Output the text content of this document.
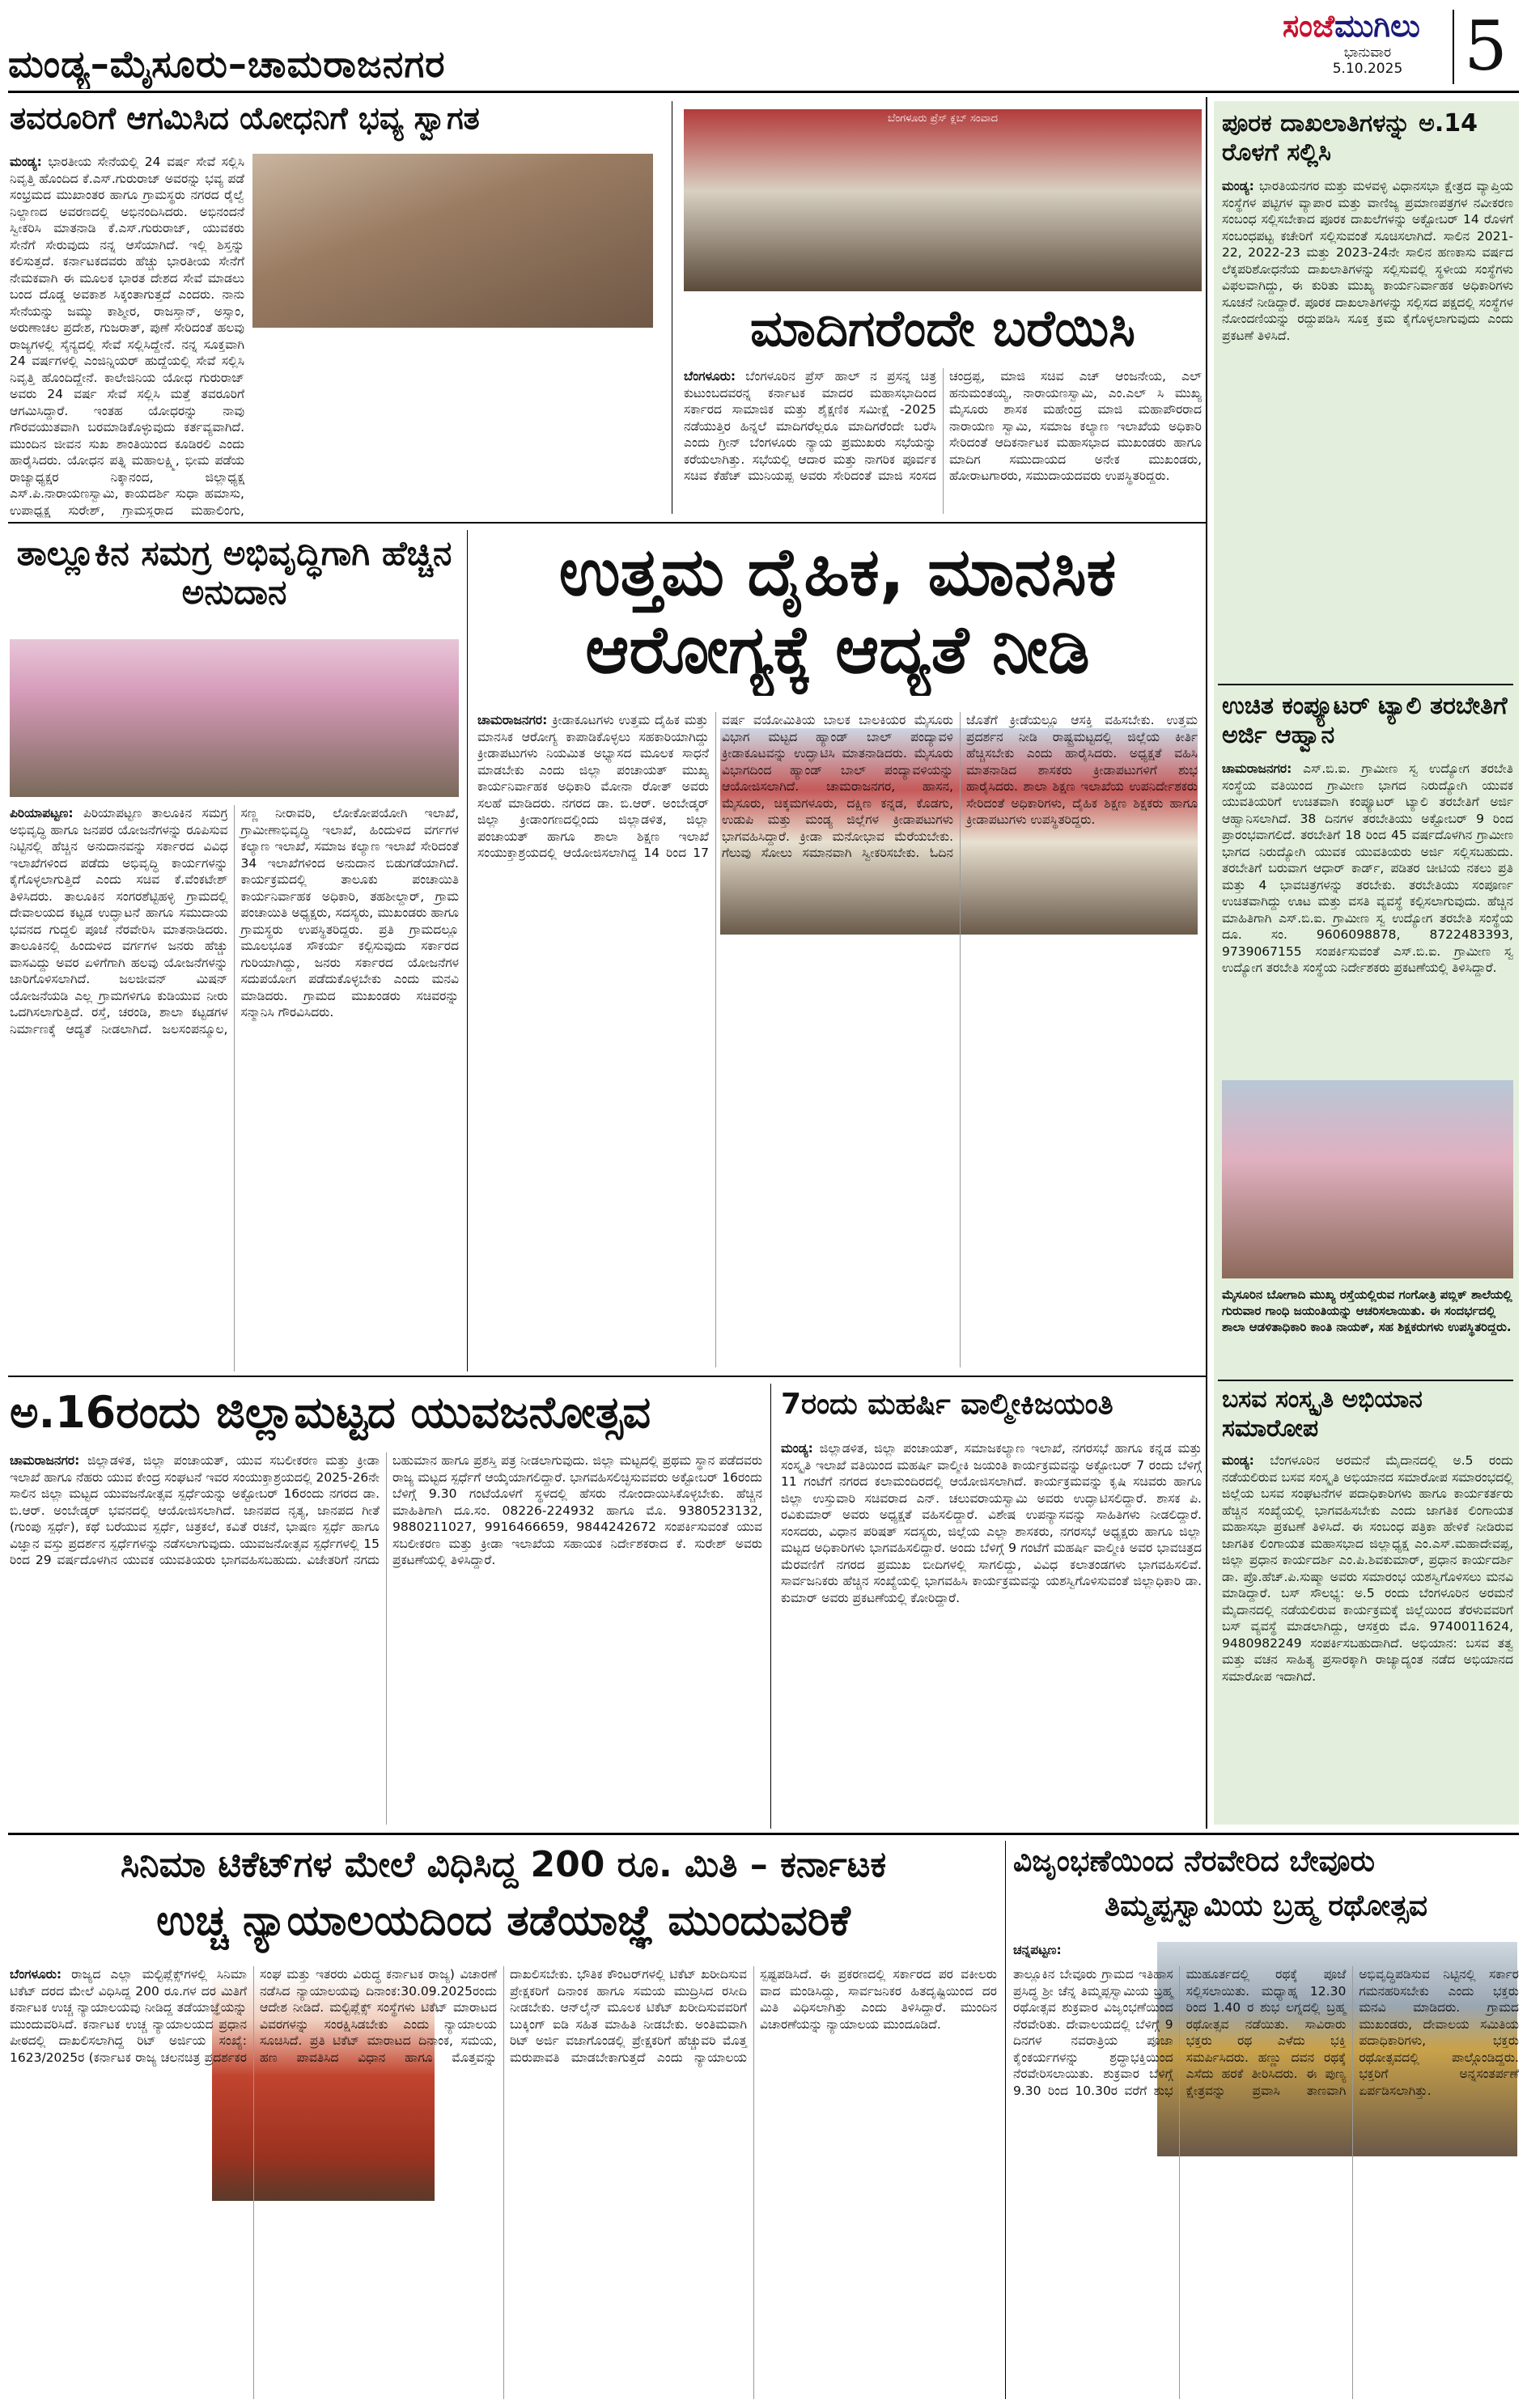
ಮಂಡ್ಯ–ಮೈಸೂರು–ಚಾಮರಾಜನಗರ
ಸಂಜೆಮುಗಿಲು
ಭಾನುವಾರ
5.10.2025 5
ತವರೂರಿಗೆ ಆಗಮಿಸಿದ ಯೋಧನಿಗೆ ಭವ್ಯ ಸ್ವಾಗತ
ಮಂಡ್ಯ: ಭಾರತೀಯ ಸೇನೆಯಲ್ಲಿ 24 ವರ್ಷ ಸೇವೆ ಸಲ್ಲಿಸಿ ನಿವೃತ್ತಿ ಹೊಂದಿದ ಕೆ.ಎಸ್.ಗುರುರಾಜ್ ಅವರನ್ನು ಭವ್ಯ ಪಡೆ ಸಂಭ್ರಮದ ಮುಖಾಂತರ ಹಾಗೂ ಗ್ರಾಮಸ್ಥರು ನಗರದ ರೈಲ್ವೆ ನಿಲ್ದಾಣದ ಅವರಣದಲ್ಲಿ ಅಭಿನಂದಿಸಿದರು. ಅಭಿನಂದನೆ ಸ್ವೀಕರಿಸಿ ಮಾತನಾಡಿ ಕೆ.ಎಸ್.ಗುರುರಾಜ್, ಯುವಕರು ಸೇನೆಗೆ ಸೇರುವುದು ನನ್ನ ಆಸೆಯಾಗಿದೆ. ಇಲ್ಲಿ ಶಿಸ್ತನ್ನು ಕಲಿಸುತ್ತದೆ. ಕರ್ನಾಟಕದವರು ಹೆಚ್ಚು ಭಾರತೀಯ ಸೇನೆಗೆ ನೇಮಕವಾಗಿ ಈ ಮೂಲಕ ಭಾರತ ದೇಶದ ಸೇವೆ ಮಾಡಲು ಬಂದ ದೊಡ್ಡ ಅವಕಾಶ ಸಿಕ್ಕಂತಾಗುತ್ತದೆ ಎಂದರು. ನಾನು ಸೇನೆಯನ್ನು ಜಮ್ಮು ಕಾಶ್ಮೀರ, ರಾಜಸ್ತಾನ್, ಅಸ್ಸಾಂ, ಅರುಣಾಚಲ ಪ್ರದೇಶ, ಗುಜರಾತ್, ಪುಣೆ ಸೇರಿದಂತೆ ಹಲವು ರಾಜ್ಯಗಳಲ್ಲಿ ಸೈನ್ಯದಲ್ಲಿ ಸೇವೆ ಸಲ್ಲಿಸಿದ್ದೇನೆ. ನನ್ನ ಸೂಕ್ತವಾಗಿ 24 ವರ್ಷಗಳಲ್ಲಿ ಎಂಜಿನ್ನಿಯರ್ ಹುದ್ದೆಯಲ್ಲಿ ಸೇವೆ ಸಲ್ಲಿಸಿ ನಿವೃತ್ತಿ ಹೊಂದಿದ್ದೇನೆ. ಕಾಲೇಜಿನಿಯ ಯೋಧ ಗುರುರಾಜ್ ಅವರು 24 ವರ್ಷ ಸೇವೆ ಸಲ್ಲಿಸಿ ಮತ್ತೆ ತವರೂರಿಗೆ ಆಗಮಿಸಿದ್ದಾರೆ. ಇಂತಹ ಯೋಧರನ್ನು ನಾವು ಗೌರವಯುತವಾಗಿ ಬರಮಾಡಿಕೊಳ್ಳುವುದು ಕರ್ತವ್ಯವಾಗಿದೆ. ಮುಂದಿನ ಜೀವನ ಸುಖ ಶಾಂತಿಯಿಂದ ಕೂಡಿರಲಿ ಎಂದು ಹಾರೈಸಿದರು. ಯೋಧನ ಪತ್ನಿ ಮಹಾಲಕ್ಷ್ಮಿ, ಭೀಮ ಪಡೆಯ ರಾಜ್ಯಾಧ್ಯಕ್ಷರ ನಿಕ್ಕಾನಂದ, ಜಿಲ್ಲಾಧ್ಯಕ್ಷ ಎಸ್.ಪಿ.ನಾರಾಯಣಸ್ವಾಮಿ, ಕಾಯದರ್ಶಿ ಸುಧಾ ಹಮಾಸು, ಉಪಾಧ್ಯಕ್ಷ ಸುರೇಶ್, ಗ್ರಾಮಸ್ಥರಾದ ಮಹಾಲಿಂಗು,
ಬೆಂಗಳೂರು ಪ್ರೆಸ್‌ ಕ್ಲಬ್ ಸಂವಾದ
ಮಾದಿಗರೆಂದೇ ಬರೆಯಿಸಿ
ಬೆಂಗಳೂರು: ಬೆಂಗಳೂರಿನ ಪ್ರೆಸ್‌ ಹಾಲ್‌ ನ ಪ್ರಸನ್ನ ಚಿತ್ರ ಕುಟುಂಬದವರನ್ನ ಕರ್ನಾಟಕ ಮಾದರ ಮಹಾಸಭಾದಿಂದ ಸರ್ಕಾರದ ಸಾಮಾಜಿಕ ಮತ್ತು ಶೈಕ್ಷಣಿಕ ಸಮೀಕ್ಷೆ -2025 ನಡೆಯುತ್ತಿರ ಹಿನ್ನಲೆ ಮಾದಿಗರೆಲ್ಲರೂ ಮಾದಿಗರೆಂದೇ ಬರೆಸಿ ಎಂದು ಗ್ರೀನ್ ಬೆಂಗಳೂರು ನ್ಯಾಯ ಪ್ರಮುಖರು ಸಭೆಯನ್ನು ಕರೆಯಲಾಗಿತ್ತು. ಸಭೆಯಲ್ಲಿ ಆದಾರ ಮತ್ತು ನಾಗರಿಕ ಪೂರ್ವಕ ಸಚಿವ ಕೆಹೆಚ್ ಮುನಿಯಪ್ಪ ಅವರು ಸೇರಿದಂತೆ ಮಾಜಿ ಸಂಸದ ಚಂದ್ರಪ್ಪ, ಮಾಜಿ ಸಚಿವ ಎಚ್ ಆಂಜನೇಯ, ಎಲ್ ಹನುಮಂತಯ್ಯ, ನಾರಾಯಣಸ್ವಾಮಿ, ಎಂ.ಎಲ್ ಸಿ ಮುಖ್ಯ ಮೈಸೂರು ಶಾಸಕ ಮಹೇಂದ್ರ ಮಾಜಿ ಮಹಾಪೌರರಾದ ನಾರಾಯಣ ಸ್ವಾಮಿ, ಸಮಾಜ ಕಲ್ಯಾಣ ಇಲಾಖೆಯ ಅಧಿಕಾರಿ ಸೇರಿದಂತೆ ಆದಿಕರ್ನಾಟಕ ಮಹಾಸಭಾದ ಮುಖಂಡರು ಹಾಗೂ ಮಾದಿಗ ಸಮುದಾಯದ ಅನೇಕ ಮುಖಂಡರು, ಹೋರಾಟಗಾರರು, ಸಮುದಾಯದವರು ಉಪಸ್ಥಿತರಿದ್ದರು.
ಪೂರಕ ದಾಖಲಾತಿಗಳನ್ನು ಅ.14 ರೊಳಗೆ ಸಲ್ಲಿಸಿ
ಮಂಡ್ಯ: ಭಾರತಿಯನಗರ ಮತ್ತು ಮಳವಳ್ಳಿ ವಿಧಾನಸಭಾ ಕ್ಷೇತ್ರದ ವ್ಯಾಪ್ತಿಯ ಸಂಸ್ಥೆಗಳ ಪಟ್ಟಿಗಳ ವ್ಯಾಪಾರ ಮತ್ತು ವಾಣಿಜ್ಯ ಪ್ರಮಾಣಪತ್ರಗಳ ನವೀಕರಣ ಸಂಬಂಧ ಸಲ್ಲಿಸಬೇಕಾದ ಪೂರಕ ದಾಖಲೆಗಳನ್ನು ಅಕ್ಟೋಬರ್ 14 ರೊಳಗೆ ಸಂಬಂಧಪಟ್ಟ ಕಚೇರಿಗೆ ಸಲ್ಲಿಸುವಂತೆ ಸೂಚಿಸಲಾಗಿದೆ. ಸಾಲಿನ 2021-22, 2022-23 ಮತ್ತು 2023-24ನೇ ಸಾಲಿನ ಹಣಕಾಸು ವರ್ಷದ ಲೆಕ್ಕಪರಿಶೋಧನೆಯ ದಾಖಲಾತಿಗಳನ್ನು ಸಲ್ಲಿಸುವಲ್ಲಿ ಸ್ಥಳೀಯ ಸಂಸ್ಥೆಗಳು ವಿಫಲವಾಗಿದ್ದು, ಈ ಕುರಿತು ಮುಖ್ಯ ಕಾರ್ಯನಿರ್ವಾಹಕ ಅಧಿಕಾರಿಗಳು ಸೂಚನೆ ನೀಡಿದ್ದಾರೆ. ಪೂರಕ ದಾಖಲಾತಿಗಳನ್ನು ಸಲ್ಲಿಸದ ಪಕ್ಷದಲ್ಲಿ ಸಂಸ್ಥೆಗಳ ನೋಂದಣಿಯನ್ನು ರದ್ದುಪಡಿಸಿ ಸೂಕ್ತ ಕ್ರಮ ಕೈಗೊಳ್ಳಲಾಗುವುದು ಎಂದು ಪ್ರಕಟಣೆ ತಿಳಿಸಿದೆ.
ಉಚಿತ ಕಂಪ್ಯೂಟರ್ ಟ್ಯಾಲಿ ತರಬೇತಿಗೆ ಅರ್ಜಿ ಆಹ್ವಾನ
ಚಾಮರಾಜನಗರ: ಎಸ್.ಬಿ.ಐ. ಗ್ರಾಮೀಣ ಸ್ವ ಉದ್ಯೋಗ ತರಬೇತಿ ಸಂಸ್ಥೆಯ ವತಿಯಿಂದ ಗ್ರಾಮೀಣ ಭಾಗದ ನಿರುದ್ಯೋಗಿ ಯುವಕ ಯುವತಿಯರಿಗೆ ಉಚಿತವಾಗಿ ಕಂಪ್ಯೂಟರ್ ಟ್ಯಾಲಿ ತರಬೇತಿಗೆ ಅರ್ಜಿ ಆಹ್ವಾನಿಸಲಾಗಿದೆ. 38 ದಿನಗಳ ತರಬೇತಿಯು ಅಕ್ಟೋಬರ್ 9 ರಿಂದ ಪ್ರಾರಂಭವಾಗಲಿದೆ. ತರಬೇತಿಗೆ 18 ರಿಂದ 45 ವರ್ಷದೊಳಗಿನ ಗ್ರಾಮೀಣ ಭಾಗದ ನಿರುದ್ಯೋಗಿ ಯುವಕ ಯುವತಿಯರು ಅರ್ಜಿ ಸಲ್ಲಿಸಬಹುದು. ತರಬೇತಿಗೆ ಬರುವಾಗ ಆಧಾರ್ ಕಾರ್ಡ್, ಪಡಿತರ ಚೀಟಿಯ ನಕಲು ಪ್ರತಿ ಮತ್ತು 4 ಭಾವಚಿತ್ರಗಳನ್ನು ತರಬೇಕು. ತರಬೇತಿಯು ಸಂಪೂರ್ಣ ಉಚಿತವಾಗಿದ್ದು ಊಟ ಮತ್ತು ವಸತಿ ವ್ಯವಸ್ಥೆ ಕಲ್ಪಿಸಲಾಗುವುದು. ಹೆಚ್ಚಿನ ಮಾಹಿತಿಗಾಗಿ ಎಸ್.ಬಿ.ಐ. ಗ್ರಾಮೀಣ ಸ್ವ ಉದ್ಯೋಗ ತರಬೇತಿ ಸಂಸ್ಥೆಯ ದೂ. ಸಂ. 9606098878, 8722483393, 9739067155 ಸಂಪರ್ಕಿಸುವಂತೆ ಎಸ್.ಬಿ.ಐ. ಗ್ರಾಮೀಣ ಸ್ವ ಉದ್ಯೋಗ ತರಬೇತಿ ಸಂಸ್ಥೆಯ ನಿರ್ದೇಶಕರು ಪ್ರಕಟಣೆಯಲ್ಲಿ ತಿಳಿಸಿದ್ದಾರೆ.
ಮೈಸೂರಿನ ಬೋಗಾದಿ ಮುಖ್ಯ ರಸ್ತೆಯಲ್ಲಿರುವ ಗಂಗೋತ್ರಿ ಪಬ್ಲಿಕ್ ಶಾಲೆಯಲ್ಲಿ ಗುರುವಾರ ಗಾಂಧಿ ಜಯಂತಿಯನ್ನು ಆಚರಿಸಲಾಯಿತು. ಈ ಸಂದರ್ಭದಲ್ಲಿ ಶಾಲಾ ಆಡಳಿತಾಧಿಕಾರಿ ಕಾಂತಿ ನಾಯಕ್, ಸಹ ಶಿಕ್ಷಕರುಗಳು ಉಪಸ್ಥಿತರಿದ್ದರು.
ಬಸವ ಸಂಸ್ಕೃತಿ ಅಭಿಯಾನ ಸಮಾರೋಪ
ಮಂಡ್ಯ: ಬೆಂಗಳೂರಿನ ಅರಮನೆ ಮೈದಾನದಲ್ಲಿ ಅ.5 ರಂದು ನಡೆಯಲಿರುವ ಬಸವ ಸಂಸ್ಕೃತಿ ಅಭಿಯಾನದ ಸಮಾರೋಪ ಸಮಾರಂಭದಲ್ಲಿ ಜಿಲ್ಲೆಯ ಬಸವ ಸಂಘಟನೆಗಳ ಪದಾಧಿಕಾರಿಗಳು ಹಾಗೂ ಕಾರ್ಯಕರ್ತರು ಹೆಚ್ಚಿನ ಸಂಖ್ಯೆಯಲ್ಲಿ ಭಾಗವಹಿಸಬೇಕು ಎಂದು ಜಾಗತಿಕ ಲಿಂಗಾಯತ ಮಹಾಸಭಾ ಪ್ರಕಟಣೆ ತಿಳಿಸಿದೆ. ಈ ಸಂಬಂಧ ಪತ್ರಿಕಾ ಹೇಳಿಕೆ ನೀಡಿರುವ ಜಾಗತಿಕ ಲಿಂಗಾಯತ ಮಹಾಸಭಾದ ಜಿಲ್ಲಾಧ್ಯಕ್ಷ ಎಂ.ಎಸ್.ಮಹಾದೇವಪ್ಪ, ಜಿಲ್ಲಾ ಪ್ರಧಾನ ಕಾರ್ಯದರ್ಶಿ ಎಂ.ಪಿ.ಶಿವಕುಮಾರ್, ಪ್ರಧಾನ ಕಾರ್ಯದರ್ಶಿ ಡಾ. ಪ್ರೊ.ಹೆಚ್.ಪಿ.ಸುಷ್ಮಾ ಅವರು ಸಮಾರಂಭ ಯಶಸ್ವಿಗೊಳಿಸಲು ಮನವಿ ಮಾಡಿದ್ದಾರೆ. ಬಸ್ ಸೌಲಭ್ಯ: ಅ.5 ರಂದು ಬೆಂಗಳೂರಿನ ಅರಮನೆ ಮೈದಾನದಲ್ಲಿ ನಡೆಯಲಿರುವ ಕಾರ್ಯಕ್ರಮಕ್ಕೆ ಜಿಲ್ಲೆಯಿಂದ ತೆರಳುವವರಿಗೆ ಬಸ್ ವ್ಯವಸ್ಥೆ ಮಾಡಲಾಗಿದ್ದು, ಆಸಕ್ತರು ಮೊ. 9740011624, 9480982249 ಸಂಪರ್ಕಿಸಬಹುದಾಗಿದೆ. ಅಭಿಯಾನ: ಬಸವ ತತ್ವ ಮತ್ತು ವಚನ ಸಾಹಿತ್ಯ ಪ್ರಸಾರಕ್ಕಾಗಿ ರಾಜ್ಯಾದ್ಯಂತ ನಡೆದ ಅಭಿಯಾನದ ಸಮಾರೋಪ ಇದಾಗಿದೆ.
ತಾಲ್ಲೂಕಿನ ಸಮಗ್ರ ಅಭಿವೃದ್ಧಿಗಾಗಿ ಹೆಚ್ಚಿನ ಅನುದಾನ
ಪಿರಿಯಾಪಟ್ಟಣ: ಪಿರಿಯಾಪಟ್ಟಣ ತಾಲೂಕಿನ ಸಮಗ್ರ ಅಭಿವೃದ್ಧಿ ಹಾಗೂ ಜನಪರ ಯೋಜನೆಗಳನ್ನು ರೂಪಿಸುವ ನಿಟ್ಟಿನಲ್ಲಿ ಹೆಚ್ಚಿನ ಅನುದಾನವನ್ನು ಸರ್ಕಾರದ ವಿವಿಧ ಇಲಾಖೆಗಳಿಂದ ಪಡೆದು ಅಭಿವೃದ್ಧಿ ಕಾರ್ಯಗಳನ್ನು ಕೈಗೊಳ್ಳಲಾಗುತ್ತಿದೆ ಎಂದು ಸಚಿವ ಕೆ.ವೆಂಕಟೇಶ್ ತಿಳಿಸಿದರು. ತಾಲೂಕಿನ ಸಂಗರಶೆಟ್ಟಿಹಳ್ಳಿ ಗ್ರಾಮದಲ್ಲಿ ದೇವಾಲಯದ ಕಟ್ಟಡ ಉದ್ಘಾಟನೆ ಹಾಗೂ ಸಮುದಾಯ ಭವನದ ಗುದ್ದಲಿ ಪೂಜೆ ನೆರವೇರಿಸಿ ಮಾತನಾಡಿದರು. ತಾಲೂಕಿನಲ್ಲಿ ಹಿಂದುಳಿದ ವರ್ಗಗಳ ಜನರು ಹೆಚ್ಚು ವಾಸವಿದ್ದು ಅವರ ಏಳಿಗೆಗಾಗಿ ಹಲವು ಯೋಜನೆಗಳನ್ನು ಜಾರಿಗೊಳಿಸಲಾಗಿದೆ. ಜಲಜೀವನ್ ಮಿಷನ್ ಯೋಜನೆಯಡಿ ಎಲ್ಲ ಗ್ರಾಮಗಳಿಗೂ ಕುಡಿಯುವ ನೀರು ಒದಗಿಸಲಾಗುತ್ತಿದೆ. ರಸ್ತೆ, ಚರಂಡಿ, ಶಾಲಾ ಕಟ್ಟಡಗಳ ನಿರ್ಮಾಣಕ್ಕೆ ಆದ್ಯತೆ ನೀಡಲಾಗಿದೆ. ಜಲಸಂಪನ್ಮೂಲ, ಸಣ್ಣ ನೀರಾವರಿ, ಲೋಕೋಪಯೋಗಿ ಇಲಾಖೆ, ಗ್ರಾಮೀಣಾಭಿವೃದ್ಧಿ ಇಲಾಖೆ, ಹಿಂದುಳಿದ ವರ್ಗಗಳ ಕಲ್ಯಾಣ ಇಲಾಖೆ, ಸಮಾಜ ಕಲ್ಯಾಣ ಇಲಾಖೆ ಸೇರಿದಂತೆ 34 ಇಲಾಖೆಗಳಿಂದ ಅನುದಾನ ಬಿಡುಗಡೆಯಾಗಿದೆ. ಕಾರ್ಯಕ್ರಮದಲ್ಲಿ ತಾಲೂಕು ಪಂಚಾಯಿತಿ ಕಾರ್ಯನಿರ್ವಾಹಕ ಅಧಿಕಾರಿ, ತಹಶೀಲ್ದಾರ್, ಗ್ರಾಮ ಪಂಚಾಯಿತಿ ಅಧ್ಯಕ್ಷರು, ಸದಸ್ಯರು, ಮುಖಂಡರು ಹಾಗೂ ಗ್ರಾಮಸ್ಥರು ಉಪಸ್ಥಿತರಿದ್ದರು. ಪ್ರತಿ ಗ್ರಾಮದಲ್ಲೂ ಮೂಲಭೂತ ಸೌಕರ್ಯ ಕಲ್ಪಿಸುವುದು ಸರ್ಕಾರದ ಗುರಿಯಾಗಿದ್ದು, ಜನರು ಸರ್ಕಾರದ ಯೋಜನೆಗಳ ಸದುಪಯೋಗ ಪಡೆದುಕೊಳ್ಳಬೇಕು ಎಂದು ಮನವಿ ಮಾಡಿದರು. ಗ್ರಾಮದ ಮುಖಂಡರು ಸಚಿವರನ್ನು ಸನ್ಮಾನಿಸಿ ಗೌರವಿಸಿದರು.
ಉತ್ತಮ ದೈಹಿಕ, ಮಾನಸಿಕ ಆರೋಗ್ಯಕ್ಕೆ ಆದ್ಯತೆ ನೀಡಿ
ಚಾಮರಾಜನಗರ: ಕ್ರೀಡಾಕೂಟಗಳು ಉತ್ತಮ ದೈಹಿಕ ಮತ್ತು ಮಾನಸಿಕ ಆರೋಗ್ಯ ಕಾಪಾಡಿಕೊಳ್ಳಲು ಸಹಕಾರಿಯಾಗಿದ್ದು ಕ್ರೀಡಾಪಟುಗಳು ನಿಯಮಿತ ಅಭ್ಯಾಸದ ಮೂಲಕ ಸಾಧನೆ ಮಾಡಬೇಕು ಎಂದು ಜಿಲ್ಲಾ ಪಂಚಾಯತ್ ಮುಖ್ಯ ಕಾರ್ಯನಿರ್ವಾಹಕ ಅಧಿಕಾರಿ ಮೋನಾ ರೋತ್ ಅವರು ಸಲಹೆ ಮಾಡಿದರು. ನಗರದ ಡಾ. ಬಿ.ಆರ್. ಅಂಬೇಡ್ಕರ್ ಜಿಲ್ಲಾ ಕ್ರೀಡಾಂಗಣದಲ್ಲಿಂದು ಜಿಲ್ಲಾಡಳಿತ, ಜಿಲ್ಲಾ ಪಂಚಾಯತ್ ಹಾಗೂ ಶಾಲಾ ಶಿಕ್ಷಣ ಇಲಾಖೆ ಸಂಯುಕ್ತಾಶ್ರಯದಲ್ಲಿ ಆಯೋಜಿಸಲಾಗಿದ್ದ 14 ರಿಂದ 17 ವರ್ಷ ವಯೋಮಿತಿಯ ಬಾಲಕ ಬಾಲಕಿಯರ ಮೈಸೂರು ವಿಭಾಗ ಮಟ್ಟದ ಹ್ಯಾಂಡ್ ಬಾಲ್ ಪಂದ್ಯಾವಳಿ ಕ್ರೀಡಾಕೂಟವನ್ನು ಉದ್ಘಾಟಿಸಿ ಮಾತನಾಡಿದರು. ಮೈಸೂರು ವಿಭಾಗದಿಂದ ಹ್ಯಾಂಡ್ ಬಾಲ್ ಪಂದ್ಯಾವಳಿಯನ್ನು ಆಯೋಜಿಸಲಾಗಿದೆ. ಚಾಮರಾಜನಗರ, ಹಾಸನ, ಮೈಸೂರು, ಚಿಕ್ಕಮಗಳೂರು, ದಕ್ಷಿಣ ಕನ್ನಡ, ಕೊಡಗು, ಉಡುಪಿ ಮತ್ತು ಮಂಡ್ಯ ಜಿಲ್ಲೆಗಳ ಕ್ರೀಡಾಪಟುಗಳು ಭಾಗವಹಿಸಿದ್ದಾರೆ. ಕ್ರೀಡಾ ಮನೋಭಾವ ಮೆರೆಯಬೇಕು. ಗೆಲುವು ಸೋಲು ಸಮಾನವಾಗಿ ಸ್ವೀಕರಿಸಬೇಕು. ಓದಿನ ಜೊತೆಗೆ ಕ್ರೀಡೆಯಲ್ಲೂ ಆಸಕ್ತಿ ವಹಿಸಬೇಕು. ಉತ್ತಮ ಪ್ರದರ್ಶನ ನೀಡಿ ರಾಷ್ಟ್ರಮಟ್ಟದಲ್ಲಿ ಜಿಲ್ಲೆಯ ಕೀರ್ತಿ ಹೆಚ್ಚಿಸಬೇಕು ಎಂದು ಹಾರೈಸಿದರು. ಅಧ್ಯಕ್ಷತೆ ವಹಿಸಿ ಮಾತನಾಡಿದ ಶಾಸಕರು ಕ್ರೀಡಾಪಟುಗಳಿಗೆ ಶುಭ ಹಾರೈಸಿದರು. ಶಾಲಾ ಶಿಕ್ಷಣ ಇಲಾಖೆಯ ಉಪನಿರ್ದೇಶಕರು ಸೇರಿದಂತೆ ಅಧಿಕಾರಿಗಳು, ದೈಹಿಕ ಶಿಕ್ಷಣ ಶಿಕ್ಷಕರು ಹಾಗೂ ಕ್ರೀಡಾಪಟುಗಳು ಉಪಸ್ಥಿತರಿದ್ದರು.
ಅ.16ರಂದು ಜಿಲ್ಲಾಮಟ್ಟದ ಯುವಜನೋತ್ಸವ
ಚಾಮರಾಜನಗರ: ಜಿಲ್ಲಾಡಳಿತ, ಜಿಲ್ಲಾ ಪಂಚಾಯತ್, ಯುವ ಸಬಲೀಕರಣ ಮತ್ತು ಕ್ರೀಡಾ ಇಲಾಖೆ ಹಾಗೂ ನೆಹರು ಯುವ ಕೇಂದ್ರ ಸಂಘಟನೆ ಇವರ ಸಂಯುಕ್ತಾಶ್ರಯದಲ್ಲಿ 2025-26ನೇ ಸಾಲಿನ ಜಿಲ್ಲಾ ಮಟ್ಟದ ಯುವಜನೋತ್ಸವ ಸ್ಪರ್ಧೆಯನ್ನು ಅಕ್ಟೋಬರ್ 16ರಂದು ನಗರದ ಡಾ. ಬಿ.ಆರ್. ಅಂಬೇಡ್ಕರ್ ಭವನದಲ್ಲಿ ಆಯೋಜಿಸಲಾಗಿದೆ. ಜಾನಪದ ನೃತ್ಯ, ಜಾನಪದ ಗೀತೆ (ಗುಂಪು ಸ್ಪರ್ಧೆ), ಕಥೆ ಬರೆಯುವ ಸ್ಪರ್ಧೆ, ಚಿತ್ರಕಲೆ, ಕವಿತೆ ರಚನೆ, ಭಾಷಣ ಸ್ಪರ್ಧೆ ಹಾಗೂ ವಿಜ್ಞಾನ ವಸ್ತು ಪ್ರದರ್ಶನ ಸ್ಪರ್ಧೆಗಳನ್ನು ನಡೆಸಲಾಗುವುದು. ಯುವಜನೋತ್ಸವ ಸ್ಪರ್ಧೆಗಳಲ್ಲಿ 15 ರಿಂದ 29 ವರ್ಷದೊಳಗಿನ ಯುವಕ ಯುವತಿಯರು ಭಾಗವಹಿಸಬಹುದು. ವಿಜೇತರಿಗೆ ನಗದು ಬಹುಮಾನ ಹಾಗೂ ಪ್ರಶಸ್ತಿ ಪತ್ರ ನೀಡಲಾಗುವುದು. ಜಿಲ್ಲಾ ಮಟ್ಟದಲ್ಲಿ ಪ್ರಥಮ ಸ್ಥಾನ ಪಡೆದವರು ರಾಜ್ಯ ಮಟ್ಟದ ಸ್ಪರ್ಧೆಗೆ ಆಯ್ಕೆಯಾಗಲಿದ್ದಾರೆ. ಭಾಗವಹಿಸಲಿಚ್ಛಿಸುವವರು ಅಕ್ಟೋಬರ್ 16ರಂದು ಬೆಳಿಗ್ಗೆ 9.30 ಗಂಟೆಯೊಳಗೆ ಸ್ಥಳದಲ್ಲಿ ಹೆಸರು ನೋಂದಾಯಿಸಿಕೊಳ್ಳಬೇಕು. ಹೆಚ್ಚಿನ ಮಾಹಿತಿಗಾಗಿ ದೂ.ಸಂ. 08226-224932 ಹಾಗೂ ಮೊ. 9380523132, 9880211027, 9916466659, 9844242672 ಸಂಪರ್ಕಿಸುವಂತೆ ಯುವ ಸಬಲೀಕರಣ ಮತ್ತು ಕ್ರೀಡಾ ಇಲಾಖೆಯ ಸಹಾಯಕ ನಿರ್ದೇಶಕರಾದ ಕೆ. ಸುರೇಶ್ ಅವರು ಪ್ರಕಟಣೆಯಲ್ಲಿ ತಿಳಿಸಿದ್ದಾರೆ.
7ರಂದು ಮಹರ್ಷಿ ವಾಲ್ಮೀಕಿಜಯಂತಿ
ಮಂಡ್ಯ: ಜಿಲ್ಲಾಡಳಿತ, ಜಿಲ್ಲಾ ಪಂಚಾಯತ್, ಸಮಾಜಕಲ್ಯಾಣ ಇಲಾಖೆ, ನಗರಸಭೆ ಹಾಗೂ ಕನ್ನಡ ಮತ್ತು ಸಂಸ್ಕೃತಿ ಇಲಾಖೆ ವತಿಯಿಂದ ಮಹರ್ಷಿ ವಾಲ್ಮೀಕಿ ಜಯಂತಿ ಕಾರ್ಯಕ್ರಮವನ್ನು ಅಕ್ಟೋಬರ್ 7 ರಂದು ಬೆಳಿಗ್ಗೆ 11 ಗಂಟೆಗೆ ನಗರದ ಕಲಾಮಂದಿರದಲ್ಲಿ ಆಯೋಜಿಸಲಾಗಿದೆ. ಕಾರ್ಯಕ್ರಮವನ್ನು ಕೃಷಿ ಸಚಿವರು ಹಾಗೂ ಜಿಲ್ಲಾ ಉಸ್ತುವಾರಿ ಸಚಿವರಾದ ಎನ್. ಚಲುವರಾಯಸ್ವಾಮಿ ಅವರು ಉದ್ಘಾಟಿಸಲಿದ್ದಾರೆ. ಶಾಸಕ ಪಿ. ರವಿಕುಮಾರ್ ಅವರು ಅಧ್ಯಕ್ಷತೆ ವಹಿಸಲಿದ್ದಾರೆ. ವಿಶೇಷ ಉಪನ್ಯಾಸವನ್ನು ಸಾಹಿತಿಗಳು ನೀಡಲಿದ್ದಾರೆ. ಸಂಸದರು, ವಿಧಾನ ಪರಿಷತ್ ಸದಸ್ಯರು, ಜಿಲ್ಲೆಯ ಎಲ್ಲಾ ಶಾಸಕರು, ನಗರಸಭೆ ಅಧ್ಯಕ್ಷರು ಹಾಗೂ ಜಿಲ್ಲಾ ಮಟ್ಟದ ಅಧಿಕಾರಿಗಳು ಭಾಗವಹಿಸಲಿದ್ದಾರೆ. ಅಂದು ಬೆಳಿಗ್ಗೆ 9 ಗಂಟೆಗೆ ಮಹರ್ಷಿ ವಾಲ್ಮೀಕಿ ಅವರ ಭಾವಚಿತ್ರದ ಮೆರವಣಿಗೆ ನಗರದ ಪ್ರಮುಖ ಬೀದಿಗಳಲ್ಲಿ ಸಾಗಲಿದ್ದು, ವಿವಿಧ ಕಲಾತಂಡಗಳು ಭಾಗವಹಿಸಲಿವೆ. ಸಾರ್ವಜನಿಕರು ಹೆಚ್ಚಿನ ಸಂಖ್ಯೆಯಲ್ಲಿ ಭಾಗವಹಿಸಿ ಕಾರ್ಯಕ್ರಮವನ್ನು ಯಶಸ್ವಿಗೊಳಿಸುವಂತೆ ಜಿಲ್ಲಾಧಿಕಾರಿ ಡಾ. ಕುಮಾರ್ ಅವರು ಪ್ರಕಟಣೆಯಲ್ಲಿ ಕೋರಿದ್ದಾರೆ.
ಸಿನಿಮಾ ಟಿಕೆಟ್‌ಗಳ ಮೇಲೆ ವಿಧಿಸಿದ್ದ 200 ರೂ. ಮಿತಿ – ಕರ್ನಾಟಕ
ಉಚ್ಚ ನ್ಯಾಯಾಲಯದಿಂದ ತಡೆಯಾಜ್ಞೆ ಮುಂದುವರಿಕೆ
ಬೆಂಗಳೂರು: ರಾಜ್ಯದ ಎಲ್ಲಾ ಮಲ್ಟಿಪ್ಲೆಕ್ಸ್‌ಗಳಲ್ಲಿ ಸಿನಿಮಾ ಟಿಕೆಟ್ ದರದ ಮೇಲೆ ವಿಧಿಸಿದ್ದ 200 ರೂ.ಗಳ ದರ ಮಿತಿಗೆ ಕರ್ನಾಟಕ ಉಚ್ಚ ನ್ಯಾಯಾಲಯವು ನೀಡಿದ್ದ ತಡೆಯಾಜ್ಞೆಯನ್ನು ಮುಂದುವರಿಸಿದೆ. ಕರ್ನಾಟಕ ಉಚ್ಚ ನ್ಯಾಯಾಲಯದ ಪ್ರಧಾನ ಪೀಠದಲ್ಲಿ ದಾಖಲಿಸಲಾಗಿದ್ದ ರಿಟ್ ಅರ್ಜಿಯ ಸಂಖ್ಯೆ: 1623/2025ರ (ಕರ್ನಾಟಕ ರಾಜ್ಯ ಚಲನಚಿತ್ರ ಪ್ರದರ್ಶಕರ ಸಂಘ ಮತ್ತು ಇತರರು ವಿರುದ್ಧ ಕರ್ನಾಟಕ ರಾಜ್ಯ) ವಿಚಾರಣೆ ನಡೆಸಿದ ನ್ಯಾಯಾಲಯವು ದಿನಾಂಕ:30.09.2025ರಂದು ಆದೇಶ ನೀಡಿದೆ. ಮಲ್ಟಿಪ್ಲೆಕ್ಸ್ ಸಂಸ್ಥೆಗಳು ಟಿಕೆಟ್ ಮಾರಾಟದ ವಿವರಗಳನ್ನು ಸಂರಕ್ಷಿಸಿಡಬೇಕು ಎಂದು ನ್ಯಾಯಾಲಯ ಸೂಚಿಸಿದೆ. ಪ್ರತಿ ಟಿಕೆಟ್ ಮಾರಾಟದ ದಿನಾಂಕ, ಸಮಯ, ಹಣ ಪಾವತಿಸಿದ ವಿಧಾನ ಹಾಗೂ ಮೊತ್ತವನ್ನು ದಾಖಲಿಸಬೇಕು. ಭೌತಿಕ ಕೌಂಟರ್‌ಗಳಲ್ಲಿ ಟಿಕೆಟ್ ಖರೀದಿಸುವ ಪ್ರೇಕ್ಷಕರಿಗೆ ದಿನಾಂಕ ಹಾಗೂ ಸಮಯ ಮುದ್ರಿಸಿದ ರಸೀದಿ ನೀಡಬೇಕು. ಆನ್‌ಲೈನ್ ಮೂಲಕ ಟಿಕೆಟ್ ಖರೀದಿಸುವವರಿಗೆ ಬುಕ್ಕಿಂಗ್ ಐಡಿ ಸಹಿತ ಮಾಹಿತಿ ನೀಡಬೇಕು. ಅಂತಿಮವಾಗಿ ರಿಟ್ ಅರ್ಜಿ ವಜಾಗೊಂಡಲ್ಲಿ ಪ್ರೇಕ್ಷಕರಿಗೆ ಹೆಚ್ಚುವರಿ ಮೊತ್ತ ಮರುಪಾವತಿ ಮಾಡಬೇಕಾಗುತ್ತದೆ ಎಂದು ನ್ಯಾಯಾಲಯ ಸ್ಪಷ್ಟಪಡಿಸಿದೆ. ಈ ಪ್ರಕರಣದಲ್ಲಿ ಸರ್ಕಾರದ ಪರ ವಕೀಲರು ವಾದ ಮಂಡಿಸಿದ್ದು, ಸಾರ್ವಜನಿಕರ ಹಿತದೃಷ್ಟಿಯಿಂದ ದರ ಮಿತಿ ವಿಧಿಸಲಾಗಿತ್ತು ಎಂದು ತಿಳಿಸಿದ್ದಾರೆ. ಮುಂದಿನ ವಿಚಾರಣೆಯನ್ನು ನ್ಯಾಯಾಲಯ ಮುಂದೂಡಿದೆ.
ವಿಜೃಂಭಣೆಯಿಂದ ನೆರವೇರಿದ ಬೇವೂರು
ತಿಮ್ಮಪ್ಪಸ್ವಾಮಿಯ ಬ್ರಹ್ಮ ರಥೋತ್ಸವ
ಚನ್ನಪಟ್ಟಣ:
ತಾಲ್ಲೂಕಿನ ಬೇವೂರು ಗ್ರಾಮದ ಇತಿಹಾಸ ಪ್ರಸಿದ್ಧ ಶ್ರೀ ಚೆನ್ನ ತಿಮ್ಮಪ್ಪಸ್ವಾಮಿಯ ಬ್ರಹ್ಮ ರಥೋತ್ಸವ ಶುಕ್ರವಾರ ವಿಜೃಂಭಣೆಯಿಂದ ನೆರವೇರಿತು. ದೇವಾಲಯದಲ್ಲಿ ಬೆಳಿಗ್ಗೆ 9 ದಿನಗಳ ನವರಾತ್ರಿಯ ಪೂಜಾ ಕೈಂಕರ್ಯಗಳನ್ನು ಶ್ರದ್ಧಾಭಕ್ತಿಯಿಂದ ನೆರವೇರಿಸಲಾಯಿತು. ಶುಕ್ರವಾರ ಬೆಳಿಗ್ಗೆ 9.30 ರಿಂದ 10.30ರ ವರೆಗೆ ಶುಭ ಮುಹೂರ್ತದಲ್ಲಿ ರಥಕ್ಕೆ ಪೂಜೆ ಸಲ್ಲಿಸಲಾಯಿತು. ಮಧ್ಯಾಹ್ನ 12.30 ರಿಂದ 1.40 ರ ಶುಭ ಲಗ್ನದಲ್ಲಿ ಬ್ರಹ್ಮ ರಥೋತ್ಸವ ನಡೆಯಿತು. ಸಾವಿರಾರು ಭಕ್ತರು ರಥ ಎಳೆದು ಭಕ್ತಿ ಸಮರ್ಪಿಸಿದರು. ಹಣ್ಣು ದವನ ರಥಕ್ಕೆ ಎಸೆದು ಹರಕೆ ತೀರಿಸಿದರು. ಈ ಪುಣ್ಯ ಕ್ಷೇತ್ರವನ್ನು ಪ್ರವಾಸಿ ತಾಣವಾಗಿ ಅಭಿವೃದ್ಧಿಪಡಿಸುವ ನಿಟ್ಟಿನಲ್ಲಿ ಸರ್ಕಾರ ಗಮನಹರಿಸಬೇಕು ಎಂದು ಭಕ್ತರು ಮನವಿ ಮಾಡಿದರು. ಗ್ರಾಮದ ಮುಖಂಡರು, ದೇವಾಲಯ ಸಮಿತಿಯ ಪದಾಧಿಕಾರಿಗಳು, ಭಕ್ತರು ರಥೋತ್ಸವದಲ್ಲಿ ಪಾಲ್ಗೊಂಡಿದ್ದರು. ಭಕ್ತರಿಗೆ ಅನ್ನಸಂತರ್ಪಣೆ ಏರ್ಪಡಿಸಲಾಗಿತ್ತು.
